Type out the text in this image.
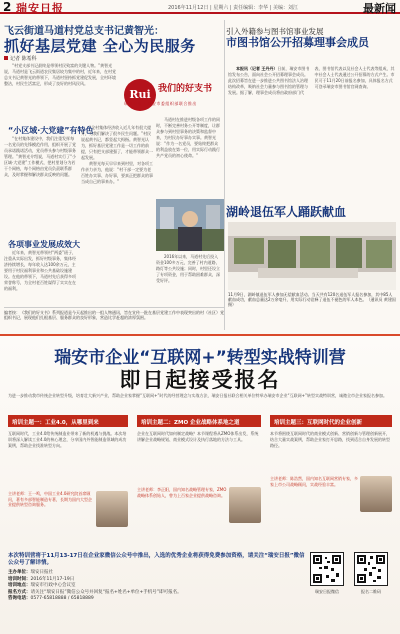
2 瑞安日报	2016年11月12日 | 星期六 | 责任编辑：李华 | 美编：刘江	最新闻
飞云街道马道村党总支书记黄智光：
抓好基层党建 全心为民服务
记者 陈希科

“村党支部书记最终是带领村民致富的关键人物。”黄智光说，马道村是飞云街道农民集居较为集中的村，近年来，在村党总支书记黄智光的带领下，马道村坚持抓党建促发展，全村环境整洁，村民生活富足，形成了良好的村风民风。

Rui 我们的好支书
瑞安日报 · 瑞安市委组织部联合推出
“小区域·大党建”有特色

“在村集体建设中，我们注重发挥每一名党员的先锋模范作用，组织开展了党员承诺践诺活动，党员带头参与村级事务管理。”黄智光介绍说，马道村实行了“小区域·大党建”工作模式，把村里划分为若干个网格，每个网格由党员负责联系群众，及时掌握和解决群众反映的问题。

“全村集体经济收入近几年有很大提升，为我们解决了很多民生问题。”村民说起黄书记，都竖起大拇指。黄智光认为，抓好基层党建工作是一切工作的前提，只有把支部建强了，才能带领群众一起发展。

黄智光每天早早来到村里，对各项工作亲力亲为，他说：“村干部一定要为老百姓办实事、办好事，要真正把群众的事当成自己的事来办。”

马道村在推进村级各项工作的同时，不断完善村务公开等制度，让群众参与到村里事务的决策和监督中来，为村民办好事办实事。黄智光说：“作为一名党员，要始终把群众的利益放在第一位，用实际行动践行共产党员的初心使命。”

各项事业发展成效大

近年来，黄智光带领村“两委”班子，注重从实际出发，抓好村级事务，集体经济持续增长，每年收入达100余万元，主要用于村民福利事业和公共基础设施建设。在他的带领下，马道村先后获得多项荣誉称号，为全村老百姓谋得了实实在在的福利。

2016年以来，马道村先后投入资金100多万元，完善了村内道路、路灯等公共设施；同时，村里还设立了专项资金，用于帮助困难群众，深受好评。

编者按：《我们的好支书》系列报道是今天起推出的一组人物通讯，旨在宣传一批在基层党建工作中表现突出的村（社区）党组织书记，展现他们扎根基层、服务群众的良好形象，营造比学赶超的浓厚氛围。
引入外籍参与图书馆事业发展
市图书馆公开招募理事会成员

本报讯（记者 王丹丹）日前，瑞安市图书馆发布公告，面向社会公开招募理事会成员。此次招募旨在进一步推进公共图书馆法人治理结构改革，吸纳社会力量参与图书馆的管理与发展。据了解，理事会成员将由政府部门代表、图书馆代表以及社会人士代表等组成，其中社会人士代表通过公开招募的方式产生。市民可于11月20日前报名参加，具体报名方式可登录瑞安市图书馆官网查询。

湖岭退伍军人踊跃献血
11月9日，湖岭镇退伍军人参加无偿献血活动。当天共有120名退伍军人报名参加，其中85人献血成功，献血总量达2万余毫升，用实际行动诠释了退伍不褪色的军人本色。（通讯员 黄建国 摄）
瑞安市企业“互联网+”转型实战特训营
即日起接受报名
为进一步推动我市传统企业转型升级，培育壮大新兴产业，帮助企业家掌握“互联网+”时代的经营理念与实战方法，瑞安日报社联合相关单位特举办瑞安市企业“互联网+”转型实战特训营，诚邀全市企业家报名参加。
培训主题一：工业4.0，从哪里到来	培训主题二：ZMO 企业战略体系地之道	培训主题三：互联网时代的企业创新
互联网时代，工业4.0给传统制造业带来了新的机遇与挑战。本次培训将深入解读工业4.0的核心理念，分享国内外智能制造领域的成功案例，帮助企业找准转型方向。
企业在互联网时代如何制定战略？本节课程将从ZMO体系出发，系统讲解企业战略规划、商业模式设计及执行落地的方法与工具。
本节将围绕互联网时代的商业模式创新、营销创新与管理创新展开，结合大量实战案例，帮助企业家打开思路，找到适合自身发展的转型路径。
主讲老师：王一鸣，中国工业4.0研究院首席顾问，著有多部智能制造专著，长期为国内大型企业提供转型咨询服务。
主讲老师：李正阳，国内知名战略管理专家，ZMO战略体系创始人，曾为上百家企业提供战略咨询。
主讲老师：陈浩然，国内知名互联网营销专家，多家上市公司战略顾问，实战经验丰富。
本次特训营将于11月13-17日在企业家微信公众号中推出，入选的优秀企业将获得免费参加资格，请关注“瑞安日报”微信公众号了解详情。
主办单位：瑞安日报社
培训时间：2016年11月17-19日
培训地点：瑞安市行政中心会议室
报名方式：请关注“瑞安日报”微信公众号并回复“报名+姓名+单位+手机号”即可报名。
咨询电话：0577-65818888 / 65818889
瑞安日报微信	报名二维码
